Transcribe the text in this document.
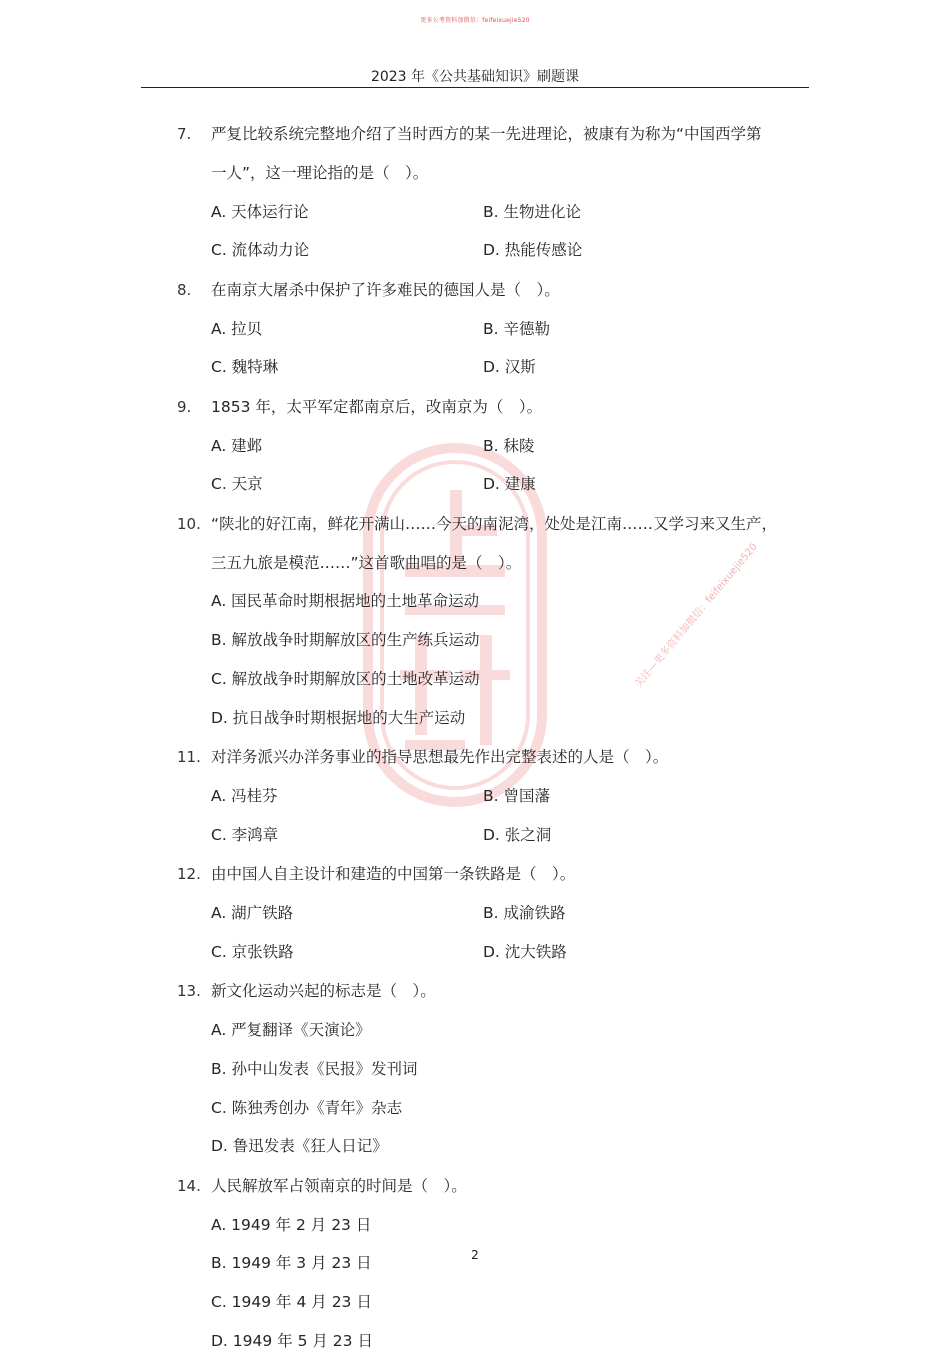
更多公考资料加微信：feifeixuejie520
2023 年《公共基础知识》刷题课
关注—更多资料加微信：feifeixuejie520
7. 严复比较系统完整地介绍了当时西方的某一先进理论，被康有为称为“中国西学第
一人”，这一理论指的是（　）。
A. 天体运行论	B. 生物进化论
C. 流体动力论	D. 热能传感论
8. 在南京大屠杀中保护了许多难民的德国人是（　）。
A. 拉贝	B. 辛德勒
C. 魏特琳	D. 汉斯
9. 1853 年，太平军定都南京后，改南京为（　）。
A. 建邺	B. 秣陵
C. 天京	D. 建康
10. “陕北的好江南，鲜花开满山……今天的南泥湾，处处是江南……又学习来又生产，
三五九旅是模范……”这首歌曲唱的是（　）。
A. 国民革命时期根据地的土地革命运动
B. 解放战争时期解放区的生产练兵运动
C. 解放战争时期解放区的土地改革运动
D. 抗日战争时期根据地的大生产运动
11. 对洋务派兴办洋务事业的指导思想最先作出完整表述的人是（　）。
A. 冯桂芬	B. 曾国藩
C. 李鸿章	D. 张之洞
12. 由中国人自主设计和建造的中国第一条铁路是（　）。
A. 湖广铁路	B. 成渝铁路
C. 京张铁路	D. 沈大铁路
13. 新文化运动兴起的标志是（　）。
A. 严复翻译《天演论》
B. 孙中山发表《民报》发刊词
C. 陈独秀创办《青年》杂志
D. 鲁迅发表《狂人日记》
14. 人民解放军占领南京的时间是（　）。
A. 1949 年 2 月 23 日
B. 1949 年 3 月 23 日
C. 1949 年 4 月 23 日
D. 1949 年 5 月 23 日
2
